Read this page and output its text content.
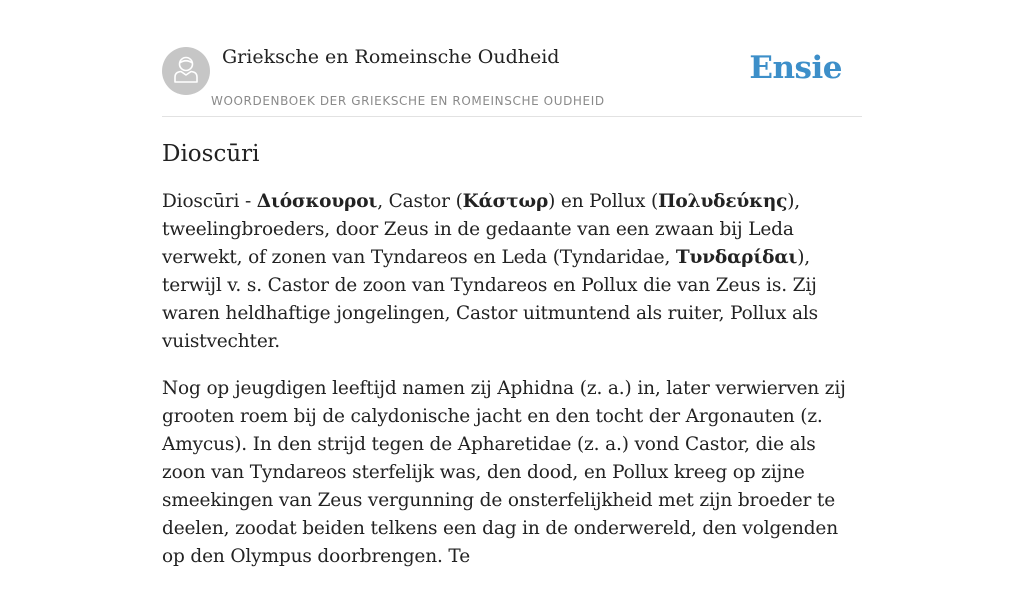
Grieksche en Romeinsche Oudheid
WOORDENBOEK DER GRIEKSCHE EN ROMEINSCHE OUDHEID
Ensie
Dioscūri

Dioscūri - Διόσκουροι, Castor (Κάστωρ) en Pollux (Πολυδεύκης), tweelingbroeders, door Zeus in de gedaante van een zwaan bij Leda verwekt, of zonen van Tyndareos en Leda (Tyndaridae, Τυνδαρίδαι), terwijl v. s. Castor de zoon van Tyndareos en Pollux die van Zeus is. Zij waren heldhaftige jongelingen, Castor uitmuntend als ruiter, Pollux als vuistvechter.

Nog op jeugdigen leeftijd namen zij Aphidna (z. a.) in, later verwierven zij grooten roem bij de calydonische jacht en den tocht der Argonauten (z. Amycus). In den strijd tegen de Apharetidae (z. a.) vond Castor, die als zoon van Tyndareos sterfelijk was, den dood, en Pollux kreeg op zijne smeekingen van Zeus vergunning de onsterfelijkheid met zijn broeder te deelen, zoodat beiden telkens een dag in de onderwereld, den volgenden op den Olympus doorbrengen. Te
